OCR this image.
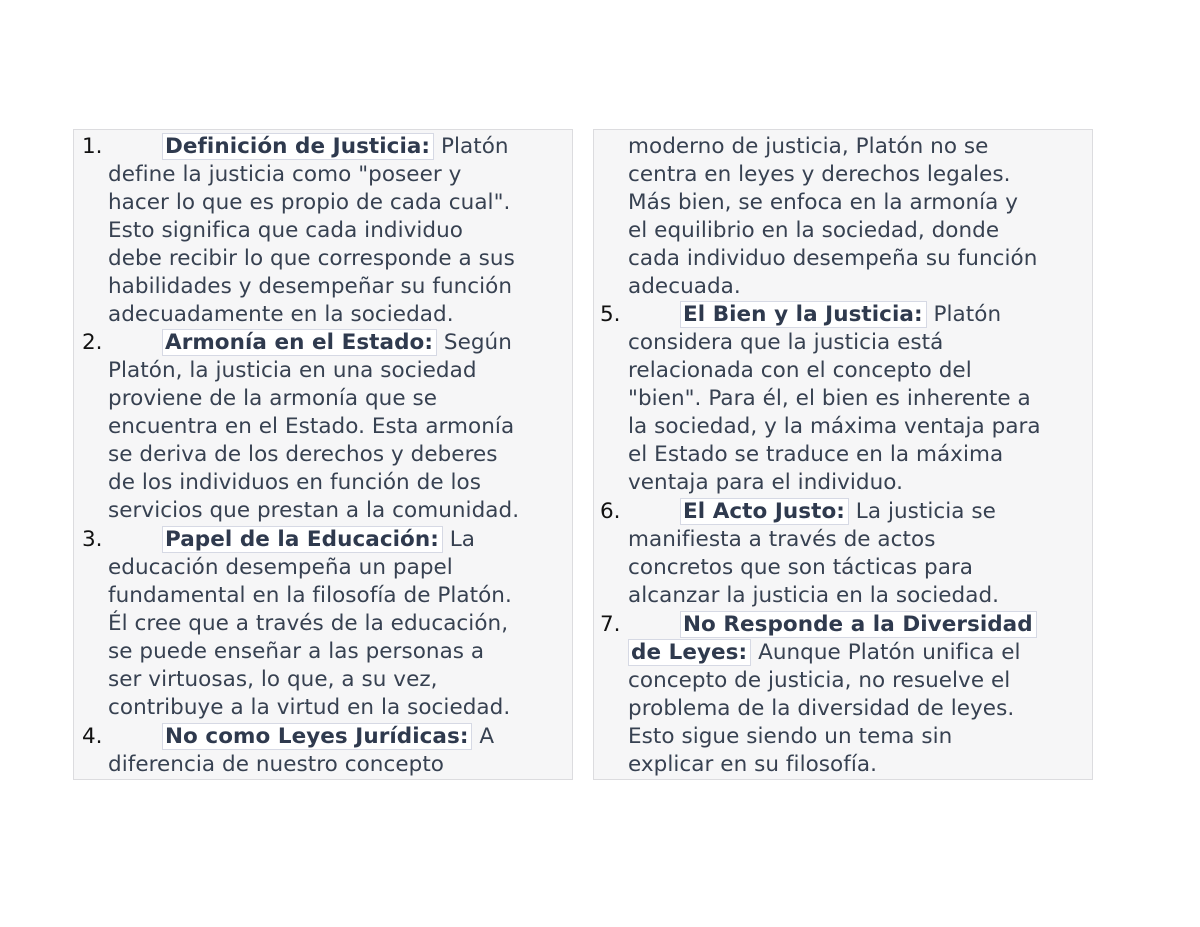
1.	Definición de Justicia: Platón
define la justicia como "poseer y
hacer lo que es propio de cada cual".
Esto significa que cada individuo
debe recibir lo que corresponde a sus
habilidades y desempeñar su función
adecuadamente en la sociedad.
2.	Armonía en el Estado: Según
Platón, la justicia en una sociedad
proviene de la armonía que se
encuentra en el Estado. Esta armonía
se deriva de los derechos y deberes
de los individuos en función de los
servicios que prestan a la comunidad.
3.	Papel de la Educación: La
educación desempeña un papel
fundamental en la filosofía de Platón.
Él cree que a través de la educación,
se puede enseñar a las personas a
ser virtuosas, lo que, a su vez,
contribuye a la virtud en la sociedad.
4.	No como Leyes Jurídicas: A
diferencia de nuestro concepto
moderno de justicia, Platón no se
centra en leyes y derechos legales.
Más bien, se enfoca en la armonía y
el equilibrio en la sociedad, donde
cada individuo desempeña su función
adecuada.
5.	El Bien y la Justicia: Platón
considera que la justicia está
relacionada con el concepto del
"bien". Para él, el bien es inherente a
la sociedad, y la máxima ventaja para
el Estado se traduce en la máxima
ventaja para el individuo.
6.	El Acto Justo: La justicia se
manifiesta a través de actos
concretos que son tácticas para
alcanzar la justicia en la sociedad.
7.	No Responde a la Diversidad
de Leyes: Aunque Platón unifica el
concepto de justicia, no resuelve el
problema de la diversidad de leyes.
Esto sigue siendo un tema sin
explicar en su filosofía.
